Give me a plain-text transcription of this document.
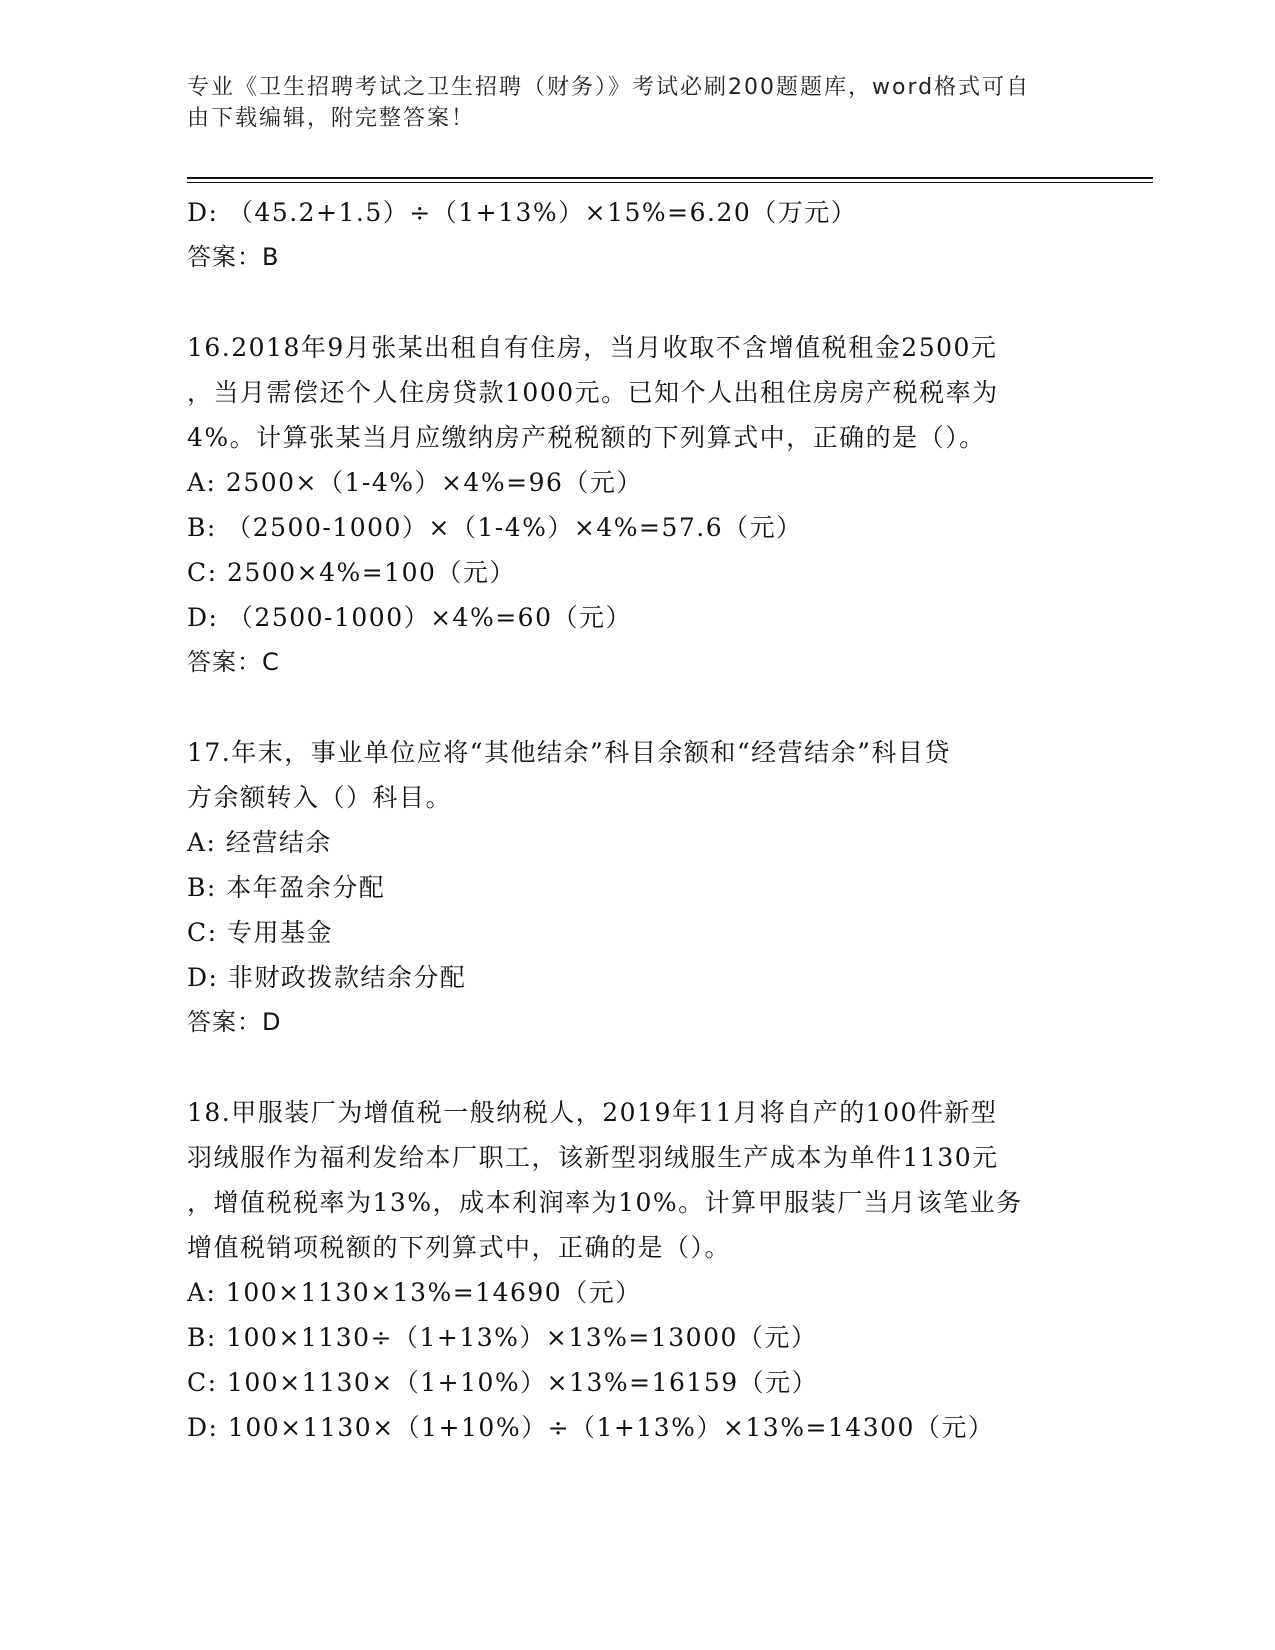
专业《卫生招聘考试之卫生招聘（财务）》考试必刷200题题库，word格式可自
由下载编辑，附完整答案！
D: （45.2+1.5）÷（1+13%）×15%=6.20（万元）
答案：B
16.2018年9月张某出租自有住房，当月收取不含增值税租金2500元
，当月需偿还个人住房贷款1000元。已知个人出租住房房产税税率为
4%。计算张某当月应缴纳房产税税额的下列算式中，正确的是（）。
A: 2500×（1-4%）×4%=96（元）
B: （2500-1000）×（1-4%）×4%=57.6（元）
C: 2500×4%=100（元）
D: （2500-1000）×4%=60（元）
答案：C
17.年末，事业单位应将“其他结余”科目余额和“经营结余”科目贷
方余额转入（）科目。
A: 经营结余
B: 本年盈余分配
C: 专用基金
D: 非财政拨款结余分配
答案：D
18.甲服装厂为增值税一般纳税人，2019年11月将自产的100件新型
羽绒服作为福利发给本厂职工，该新型羽绒服生产成本为单件1130元
，增值税税率为13%，成本利润率为10%。计算甲服装厂当月该笔业务
增值税销项税额的下列算式中，正确的是（）。
A: 100×1130×13%=14690（元）
B: 100×1130÷（1+13%）×13%=13000（元）
C: 100×1130×（1+10%）×13%=16159（元）
D: 100×1130×（1+10%）÷（1+13%）×13%=14300（元）
